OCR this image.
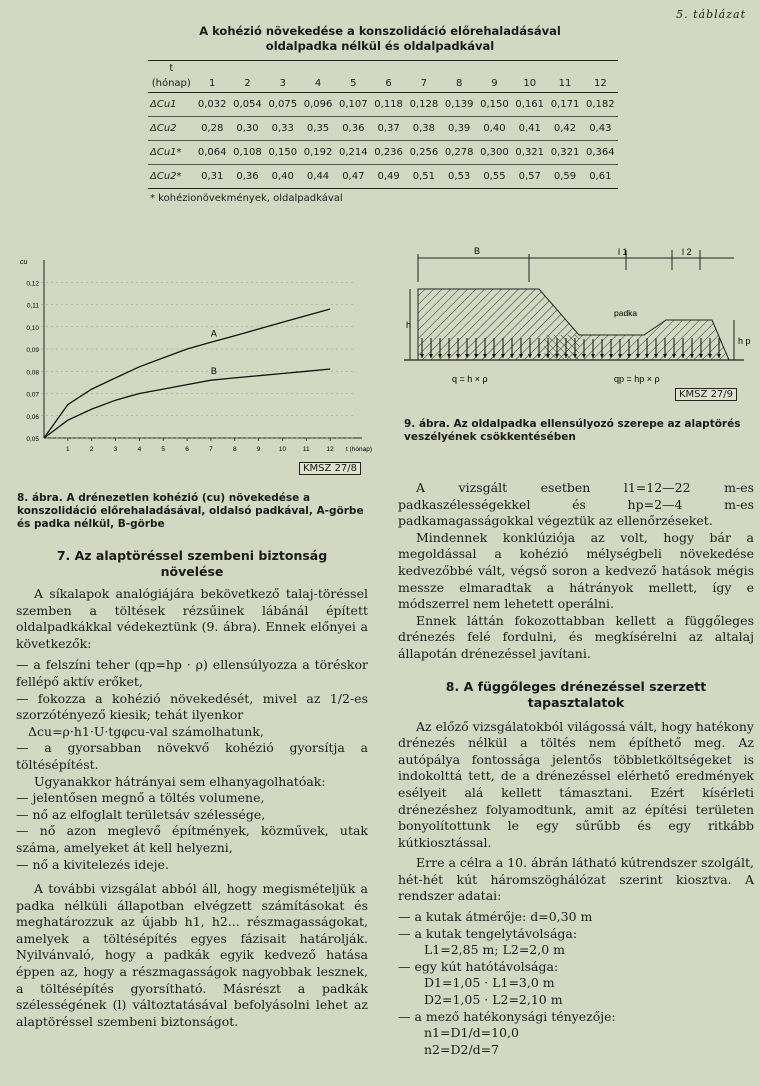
5. táblázat
A kohézió növekedése a konszolidáció előrehaladásával
oldalpadka nélkül és oldalpadkával
t												
(hónap)	1	2	3	4	5	6	7	8	9	10	11	12
ΔCu1	0,032	0,054	0,075	0,096	0,107	0,118	0,128	0,139	0,150	0,161	0,171	0,182
ΔCu2	0,28	0,30	0,33	0,35	0,36	0,37	0,38	0,39	0,40	0,41	0,42	0,43
ΔCu1*	0,064	0,108	0,150	0,192	0,214	0,236	0,256	0,278	0,300	0,321	0,321	0,364
ΔCu2*	0,31	0,36	0,40	0,44	0,47	0,49	0,51	0,53	0,55	0,57	0,59	0,61
* kohézionövekmények, oldalpadkával
0,05
0,06
0,07
0,08
0,09
0,10
0,11
0,12
1	2	3	4	5	6	7	8	9	10	11	12
cu
t (hónap)
A
B
KMSZ 27/8
8. ábra. A drénezetlen kohézió (cu) növekedése a konszolidáció előrehaladásával, oldalsó padkával, A-görbe és padka nélkül, B-görbe
B	l 1	l 2
h
padka
h p
q = h × ρ	qp = hp × ρ
KMSZ 27/9
9. ábra. Az oldalpadka ellensúlyozó szerepe az alaptörés veszélyének csökkentésében
7. Az alaptöréssel szembeni biztonság
növelése

A síkalapok analógiájára bekövetkező talaj-töréssel szemben a töltések rézsűinek lábánál épített oldalpadkákkal védekeztünk (9. ábra). Ennek előnyei a következők:

— a felszíni teher (qp=hp · ρ) ellensúlyozza a töréskor fellépő aktív erőket,

— fokozza a kohézió növekedését, mivel az 1/2-es szorzótényező kiesik; tehát ilyenkor

Δcu=ρ·h1·U·tgφcu-val számolhatunk,

— a gyorsabban növekvő kohézió gyorsítja a töltésépítést.

Ugyanakkor hátrányai sem elhanyagolhatóak:

— jelentősen megnő a töltés volumene,

— nő az elfoglalt területsáv szélessége,

— nő azon meglevő építmények, közművek, utak száma, amelyeket át kell helyezni,

— nő a kivitelezés ideje.

A további vizsgálat abból áll, hogy megismételjük a padka nélküli állapotban elvégzett számításokat és meghatározzuk az újabb h1, h2... részmagasságokat, amelyek a töltésépítés egyes fázisait határolják. Nyilvánvaló, hogy a padkák egyik kedvező hatása éppen az, hogy a részmagasságok nagyobbak lesznek, a töltésépítés gyorsítható. Másrészt a padkák szélességének (l) változtatásával befolyásolni lehet az alaptöréssel szembeni biztonságot.

A vizsgált esetben l1=12—22 m-es padkaszélességekkel és hp=2—4 m-es padkamagasságokkal végeztük az ellenőrzéseket.

Mindennek konklúziója az volt, hogy bár a megoldással a kohézió mélységbeli növekedése kedvezőbbé vált, végső soron a kedvező hatások mégis messze elmaradtak a hátrányok mellett, így e módszerrel nem lehetett operálni.

Ennek láttán fokozottabban kellett a függőleges drénezés felé fordulni, és megkísérelni az altalaj állapotán drénezéssel javítani.

8. A függőleges drénezéssel szerzett
tapasztalatok

Az előző vizsgálatokból világossá vált, hogy hatékony drénezés nélkül a töltés nem építhető meg. Az autópálya fontossága jelentős többletköltségeket is indokolttá tett, de a drénezéssel elérhető eredmények esélyeit alá kellett támasztani. Ezért kísérleti drénezéshez folyamodtunk, amit az építési területen bonyolítottunk le egy sűrűbb és egy ritkább kútkiosztással.

Erre a célra a 10. ábrán látható kútrendszer szolgált, hét-hét kút háromszöghálózat szerint kiosztva. A rendszer adatai:

— a kutak átmérője: d=0,30 m

— a kutak tengelytávolsága:

L1=2,85 m; L2=2,0 m

— egy kút hatótávolsága:

D1=1,05 · L1=3,0 m

D2=1,05 · L2=2,10 m

— a mező hatékonysági tényezője:

n1=D1/d=10,0

n2=D2/d=7
